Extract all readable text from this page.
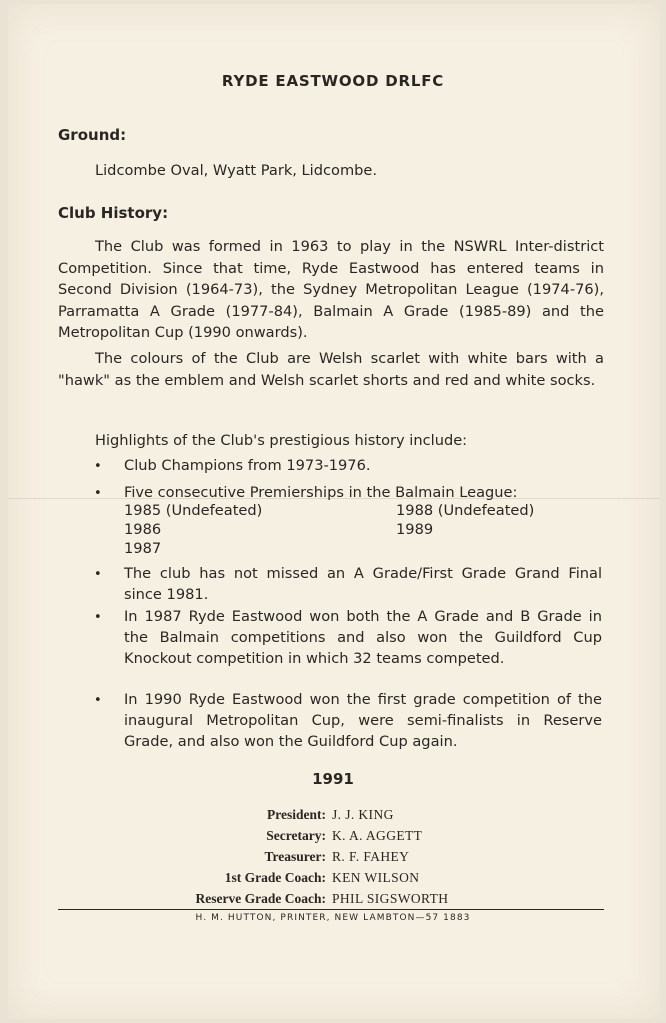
RYDE EASTWOOD DRLFC
Ground:
Lidcombe Oval, Wyatt Park, Lidcombe.
Club History:
The Club was formed in 1963 to play in the NSWRL Inter-district Competition. Since that time, Ryde Eastwood has entered teams in Second Division (1964-73), the Sydney Metropolitan League (1974-76), Parramatta A Grade (1977-84), Balmain A Grade (1985-89) and the Metropolitan Cup (1990 onwards).
The colours of the Club are Welsh scarlet with white bars with a "hawk" as the emblem and Welsh scarlet shorts and red and white socks.
Highlights of the Club's prestigious history include:
• Club Champions from 1973-1976.
• Five consecutive Premierships in the Balmain League:
1985 (Undefeated)
1986
1987
1988 (Undefeated)
1989
• The club has not missed an A Grade/First Grade Grand Final since 1981.
• In 1987 Ryde Eastwood won both the A Grade and B Grade in the Balmain competitions and also won the Guildford Cup Knockout competition in which 32 teams competed.
• In 1990 Ryde Eastwood won the first grade competition of the inaugural Metropolitan Cup, were semi-finalists in Reserve Grade, and also won the Guildford Cup again.
1991
President: J. J. KING
Secretary: K. A. AGGETT
Treasurer: R. F. FAHEY
1st Grade Coach: KEN WILSON
Reserve Grade Coach: PHIL SIGSWORTH
H. M. HUTTON, PRINTER, NEW LAMBTON—57 1883
